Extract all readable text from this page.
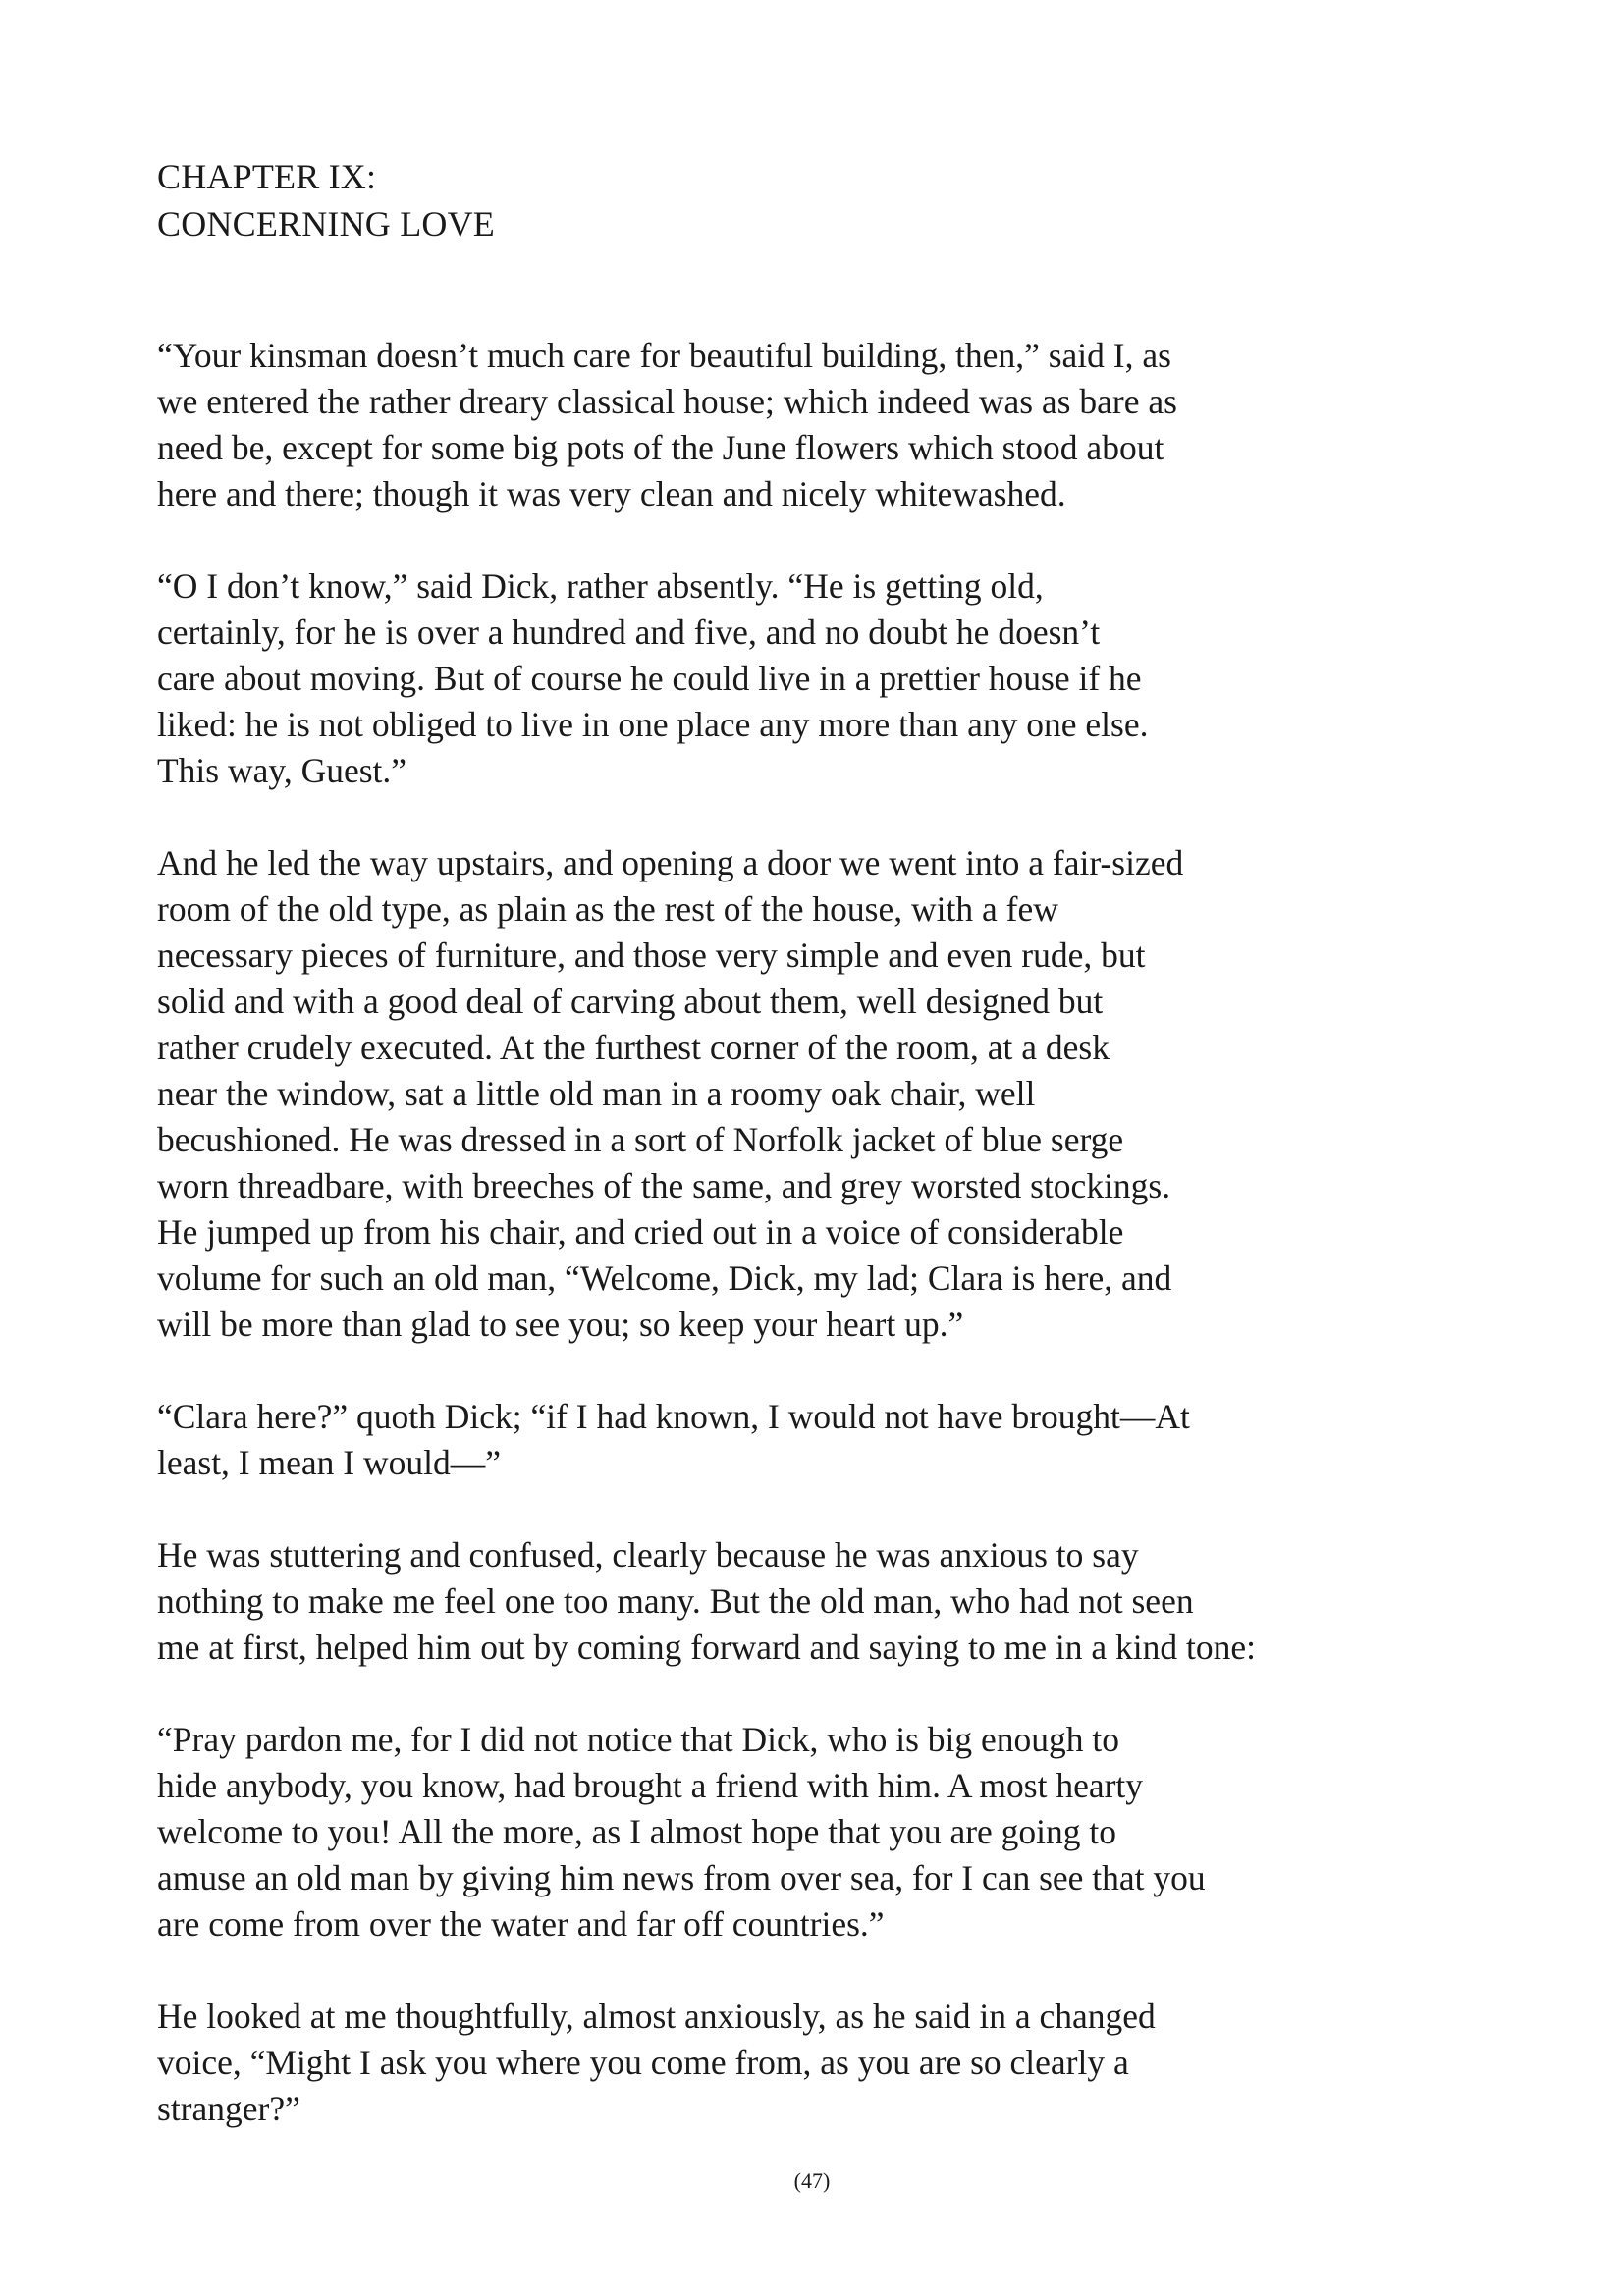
CHAPTER IX:
CONCERNING LOVE

“Your kinsman doesn’t much care for beautiful building, then,” said I, as
we entered the rather dreary classical house; which indeed was as bare as
need be, except for some big pots of the June flowers which stood about
here and there; though it was very clean and nicely whitewashed.

“O I don’t know,” said Dick, rather absently. “He is getting old,
certainly, for he is over a hundred and five, and no doubt he doesn’t
care about moving. But of course he could live in a prettier house if he
liked: he is not obliged to live in one place any more than any one else.
This way, Guest.”

And he led the way upstairs, and opening a door we went into a fair-sized
room of the old type, as plain as the rest of the house, with a few
necessary pieces of furniture, and those very simple and even rude, but
solid and with a good deal of carving about them, well designed but
rather crudely executed. At the furthest corner of the room, at a desk
near the window, sat a little old man in a roomy oak chair, well
becushioned. He was dressed in a sort of Norfolk jacket of blue serge
worn threadbare, with breeches of the same, and grey worsted stockings.
He jumped up from his chair, and cried out in a voice of considerable
volume for such an old man, “Welcome, Dick, my lad; Clara is here, and
will be more than glad to see you; so keep your heart up.”

“Clara here?” quoth Dick; “if I had known, I would not have brought—At
least, I mean I would—”

He was stuttering and confused, clearly because he was anxious to say
nothing to make me feel one too many. But the old man, who had not seen
me at first, helped him out by coming forward and saying to me in a kind tone:

“Pray pardon me, for I did not notice that Dick, who is big enough to
hide anybody, you know, had brought a friend with him. A most hearty
welcome to you! All the more, as I almost hope that you are going to
amuse an old man by giving him news from over sea, for I can see that you
are come from over the water and far off countries.”

He looked at me thoughtfully, almost anxiously, as he said in a changed
voice, “Might I ask you where you come from, as you are so clearly a
stranger?”

(47)
